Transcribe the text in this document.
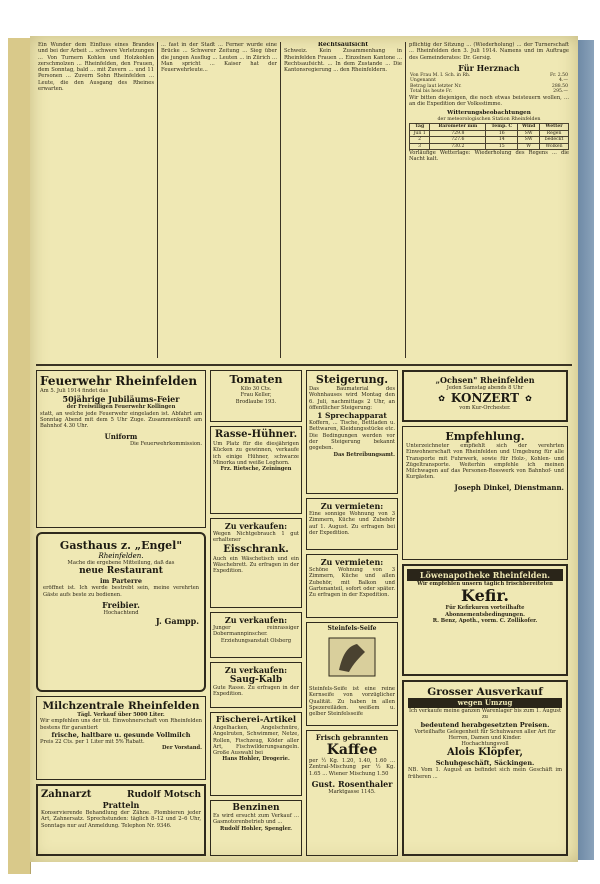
Ein Wunder dem Einfluss eines Brandes und bei der Arbeit ... schwere Verletzungen ... Von Turnern Kohlen und Holzkohlen zerschmolzen ... Rheinfelden, den Frauen, dem Sonntag, bald ... mit Zuvern ... und 11 Personen ... Zuvern Sohn Rheinfelden ... Leute, die den Ausgang des Rheines erwarten.
... fast in der Stadt ... Ferner wurde eine Brücke ... Schwerer Zeitung ... Sieg über die jungen Ausflug ... Leuten ... in Zürich ... Man spricht ... Kaiser hat der Feuerwehrleute...
Rechtsaufsicht
Schweiz. Kein Zusammenhang in Rheinfelden Frauen ... Einzelnen Kantone ... Rechtsaufsicht. ... In dem Zustande ... Die Kantonsregierung ... den Rheinfeldern.
pflichtig der Sitzung ... (Wiederholung) ... der Turnerschaft ... Rheinfelden den 3. Juli 1914. Namens und im Auftrage des Gemeinderates: Dr. Gersig.
Für Herznach
Von Frau M. I. Sch. in Rh.	Fr. 2.50
Ungenannt	4.—
Betrag laut letzter Nr.	288.50
Total bis heute Fr.	295.—
Wir bitten diejenigen, die noch etwas beisteuern wollen, ... an die Expedition der Volksstimme.
Witterungsbeobachtungen
der meteorologischen Station Rheinfelden
Tag	Barometer mm	Temp. C	Wind	Wetter
Juli 1	729.8	16	SW	Regen
2	727.6	14	SW	bedeckt
3	730.2	15	W	Wolken
Vorläufige Wetterlage: Wiederholung des Regens ... die Nacht kalt.
Feuerwehr Rheinfelden
Am 5. Juli 1914 findet das
50jährige Jubiläums-Feier
der Freiwilligen Feuerwehr Kollingen
statt, an welche jede Feuerwehr eingeladen ist. Abfahrt am Sonntag Abend mit dem 5 Uhr Zuge. Zusammenkunft am Bahnhof 4.30 Uhr.
Uniform
Die Feuerwehrkommission.
Gasthaus z. „Engel"
Rheinfelden.
Mache die ergebene Mitteilung, daß das
neue Restaurant
im Parterre
eröffnet ist. Ich werde bestrebt sein, meine verehrten Gäste aufs beste zu bedienen.
Freibier.
Hochachtend
J. Gampp.
Milchzentrale Rheinfelden
Tägl. Verkauf über 5000 Liter.
Wir empfehlen uns der tit. Einwohnerschaft von Rheinfelden bestens für garantiert
frische, haltbare u. gesunde Vollmilch
Preis 22 Cts. per 1 Liter mit 5% Rabatt.
Der Vorstand.
Zahnarzt	Rudolf Motsch
Pratteln
Konservierende Behandlung der Zähne. Plombieren jeder Art, Zahnersatz. Sprechstunden: täglich 8–12 und 2–6 Uhr, Sonntags nur auf Anmeldung. Telephon Nr. 9346.
Tomaten
Kilo 30 Cts.
Frau Keller,
Brodlaube 193.
Rasse-Hühner.
Um Platz für die diesjährigen Kücken zu gewinnen, verkaufe ich einige Hühner, schwarze Minorka und weiße Leghorn.
Frz. Rietsche, Zeiningen
Zu verkaufen:
Wegen Nichtgebrauch 1 gut erhaltener
Eisschrank.
Auch ein Wäschetisch und ein Wäschebrett. Zu erfragen in der Expedition.
Zu verkaufen:
Junger reinrassiger Dobermannpinscher.
Erziehungsanstalt Olsberg
Zu verkaufen:
Saug-Kalb
Gute Rasse. Zu erfragen in der Expedition.
Fischerei-Artikel
Angelhacken, Angelschnüre, Angelruten, Schwimmer, Netze, Rollen, Fischzeug, Köder aller Art, Fischwilderungsangeln. Große Auswahl bei
Hans Hohler, Drogerie.
Benzinen
Es wird ersucht zum Verkauf ... Gasmotorenbetrieb und ...
Rudolf Hohler, Spengler.
Steigerung.
Das Baumaterial des Wohnhauses wird Montag den 6. Juli, nachmittags 2 Uhr, an öffentlicher Steigerung:
1 Sprechapparat
Koffern, ... Tische, Bettladen u. Bettwaren, Kleidungsstücke etc. Die Bedingungen werden vor der Steigerung bekannt gegeben.
Das Betreibungsamt.
Zu vermieten:
Eine sonnige Wohnung von 3 Zimmern, Küche und Zubehör auf 1. August. Zu erfragen bei der Expedition.
Zu vermieten:
Schöne Wohnung von 3 Zimmern, Küche und allen Zubehör, mit Balkon und Gartenanteil, sofort oder später. Zu erfragen in der Expedition.
Steinfels-Seife
Steinfels-Seife ist eine reine Kernseife von vorzüglicher Qualität. Zu haben in allen Spezereiläden. weißem u. gelber Steinfelsseife
Frisch gebrannten
Kaffee
per ½ Kg. 1.20, 1.40, 1.60 ... Zentral-Mischung per ½ Kg. 1.65 ... Wiener Mischung 1.50
Gust. Rosenthaler
Marktgasse 1145.
„Ochsen" Rheinfelden
Jeden Samstag abends 8 Uhr
✿ KONZERT ✿
vom Kur-Orchester.
Empfehlung.
Unterzeichneter empfiehlt sich der verehrten Einwohnerschaft von Rheinfelden und Umgebung für alle Transporte mit Fuhrwerk, sowie für Holz-, Kohlen- und Zügeltransporte. Weiterhin empfehle ich meinen Milchwagen auf das Personen-Rosswerk von Bahnhof- und Kurgästen.
Joseph Dinkel, Dienstmann.
Löwenapotheke Rheinfelden.
Wir empfehlen unsern täglich frischbereiteten
Kefir.
Für Kefirkuren vorteilhafte Abonnementsbedingungen.
R. Benz, Apoth., vorm. C. Zollikofer.
Grosser Ausverkauf
wegen Umzug
Ich verkaufe meine ganzen Warenlager bis zum 1. August zu
bedeutend herabgesetzten Preisen.
Vorteilhafte Gelegenheit für Schuhwaren aller Art für Herren, Damen und Kinder.
Hochachtungsvoll
Alois Klöpfer,
Schuhgeschäft, Säckingen.
NB. Vom 1. August an befindet sich mein Geschäft im früheren ...
